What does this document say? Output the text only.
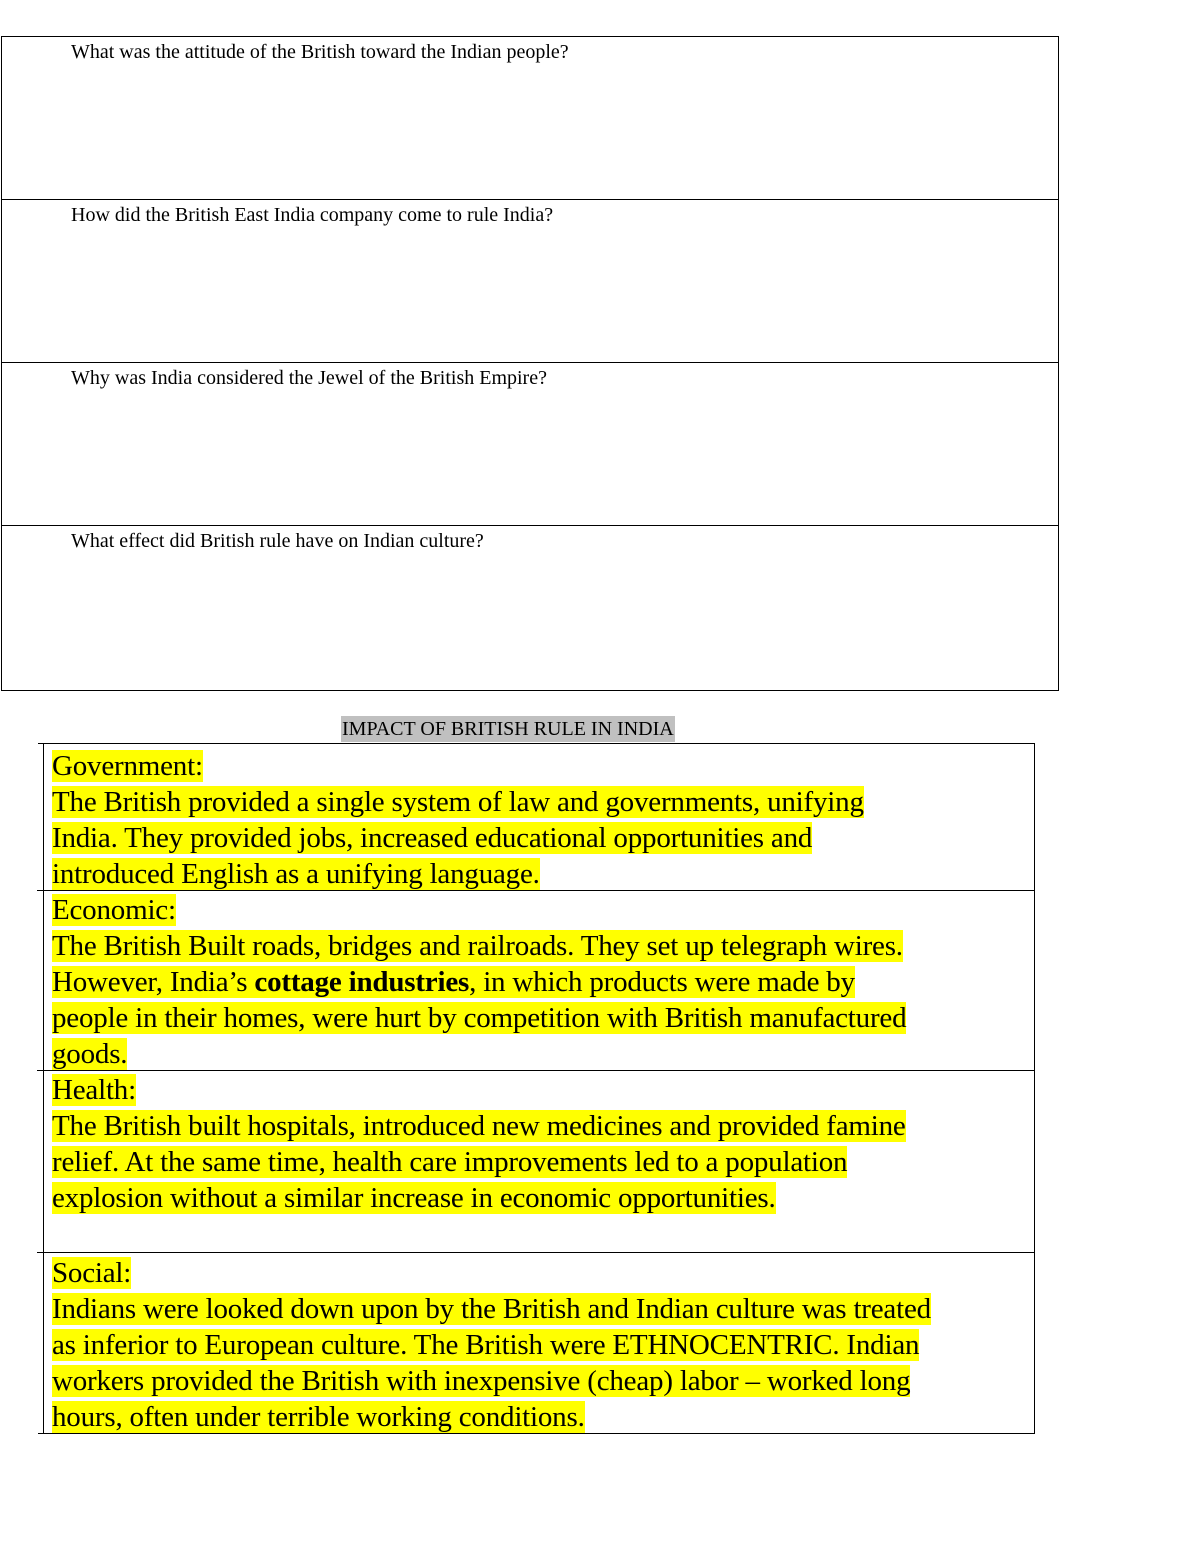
What was the attitude of the British toward the Indian people?
How did the British East India company come to rule India?
Why was India considered the Jewel of the British Empire?
What effect did British rule have on Indian culture?
IMPACT OF BRITISH RULE IN INDIA
Government:
The British provided a single system of law and governments, unifying
India. They provided jobs, increased educational opportunities and
introduced English as a unifying language.
Economic:
The British Built roads, bridges and railroads. They set up telegraph wires.
However, India’s cottage industries, in which products were made by
people in their homes, were hurt by competition with British manufactured
goods.
Health:
The British built hospitals, introduced new medicines and provided famine
relief. At the same time, health care improvements led to a population
explosion without a similar increase in economic opportunities.
Social:
Indians were looked down upon by the British and Indian culture was treated
as inferior to European culture. The British were ETHNOCENTRIC. Indian
workers provided the British with inexpensive (cheap) labor – worked long
hours, often under terrible working conditions.
